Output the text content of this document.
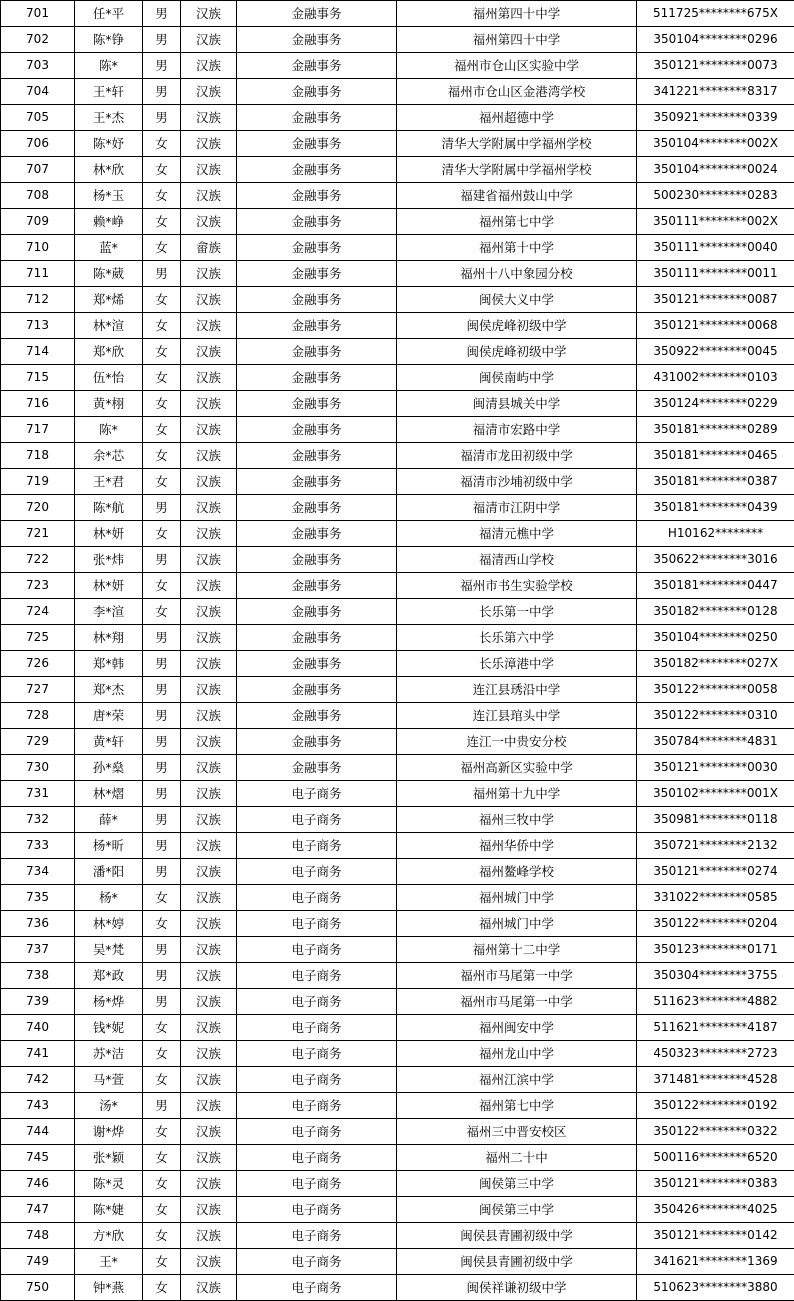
701	任*平	男	汉族	金融事务	福州第四十中学	511725********675X
702	陈*铮	男	汉族	金融事务	福州第四十中学	350104********0296
703	陈*	男	汉族	金融事务	福州市仓山区实验中学	350121********0073
704	王*轩	男	汉族	金融事务	福州市仓山区金港湾学校	341221********8317
705	王*杰	男	汉族	金融事务	福州超德中学	350921********0339
706	陈*妤	女	汉族	金融事务	清华大学附属中学福州学校	350104********002X
707	林*欣	女	汉族	金融事务	清华大学附属中学福州学校	350104********0024
708	杨*玉	女	汉族	金融事务	福建省福州鼓山中学	500230********0283
709	赖*峥	女	汉族	金融事务	福州第七中学	350111********002X
710	蓝*	女	畲族	金融事务	福州第十中学	350111********0040
711	陈*葳	男	汉族	金融事务	福州十八中象园分校	350111********0011
712	郑*烯	女	汉族	金融事务	闽侯大义中学	350121********0087
713	林*渲	女	汉族	金融事务	闽侯虎峰初级中学	350121********0068
714	郑*欣	女	汉族	金融事务	闽侯虎峰初级中学	350922********0045
715	伍*怡	女	汉族	金融事务	闽侯南屿中学	431002********0103
716	黄*栩	女	汉族	金融事务	闽清县城关中学	350124********0229
717	陈*	女	汉族	金融事务	福清市宏路中学	350181********0289
718	余*芯	女	汉族	金融事务	福清市龙田初级中学	350181********0465
719	王*君	女	汉族	金融事务	福清市沙埔初级中学	350181********0387
720	陈*航	男	汉族	金融事务	福清市江阴中学	350181********0439
721	林*妍	女	汉族	金融事务	福清元樵中学	H10162********
722	张*炜	男	汉族	金融事务	福清西山学校	350622********3016
723	林*妍	女	汉族	金融事务	福州市书生实验学校	350181********0447
724	李*渲	女	汉族	金融事务	长乐第一中学	350182********0128
725	林*翔	男	汉族	金融事务	长乐第六中学	350104********0250
726	郑*韩	男	汉族	金融事务	长乐漳港中学	350182********027X
727	郑*杰	男	汉族	金融事务	连江县琇沿中学	350122********0058
728	唐*荣	男	汉族	金融事务	连江县琯头中学	350122********0310
729	黄*轩	男	汉族	金融事务	连江一中贵安分校	350784********4831
730	孙*燊	男	汉族	金融事务	福州高新区实验中学	350121********0030
731	林*熠	男	汉族	电子商务	福州第十九中学	350102********001X
732	薛*	男	汉族	电子商务	福州三牧中学	350981********0118
733	杨*昕	男	汉族	电子商务	福州华侨中学	350721********2132
734	潘*阳	男	汉族	电子商务	福州鳌峰学校	350121********0274
735	杨*	女	汉族	电子商务	福州城门中学	331022********0585
736	林*婷	女	汉族	电子商务	福州城门中学	350122********0204
737	吴*梵	男	汉族	电子商务	福州第十二中学	350123********0171
738	郑*政	男	汉族	电子商务	福州市马尾第一中学	350304********3755
739	杨*烨	男	汉族	电子商务	福州市马尾第一中学	511623********4882
740	钱*妮	女	汉族	电子商务	福州闽安中学	511621********4187
741	苏*洁	女	汉族	电子商务	福州龙山中学	450323********2723
742	马*萱	女	汉族	电子商务	福州江滨中学	371481********4528
743	汤*	男	汉族	电子商务	福州第七中学	350122********0192
744	谢*烨	女	汉族	电子商务	福州三中晋安校区	350122********0322
745	张*颖	女	汉族	电子商务	福州二十中	500116********6520
746	陈*灵	女	汉族	电子商务	闽侯第三中学	350121********0383
747	陈*婕	女	汉族	电子商务	闽侯第三中学	350426********4025
748	方*欣	女	汉族	电子商务	闽侯县青圃初级中学	350121********0142
749	王*	女	汉族	电子商务	闽侯县青圃初级中学	341621********1369
750	钟*燕	女	汉族	电子商务	闽侯祥谦初级中学	510623********3880
